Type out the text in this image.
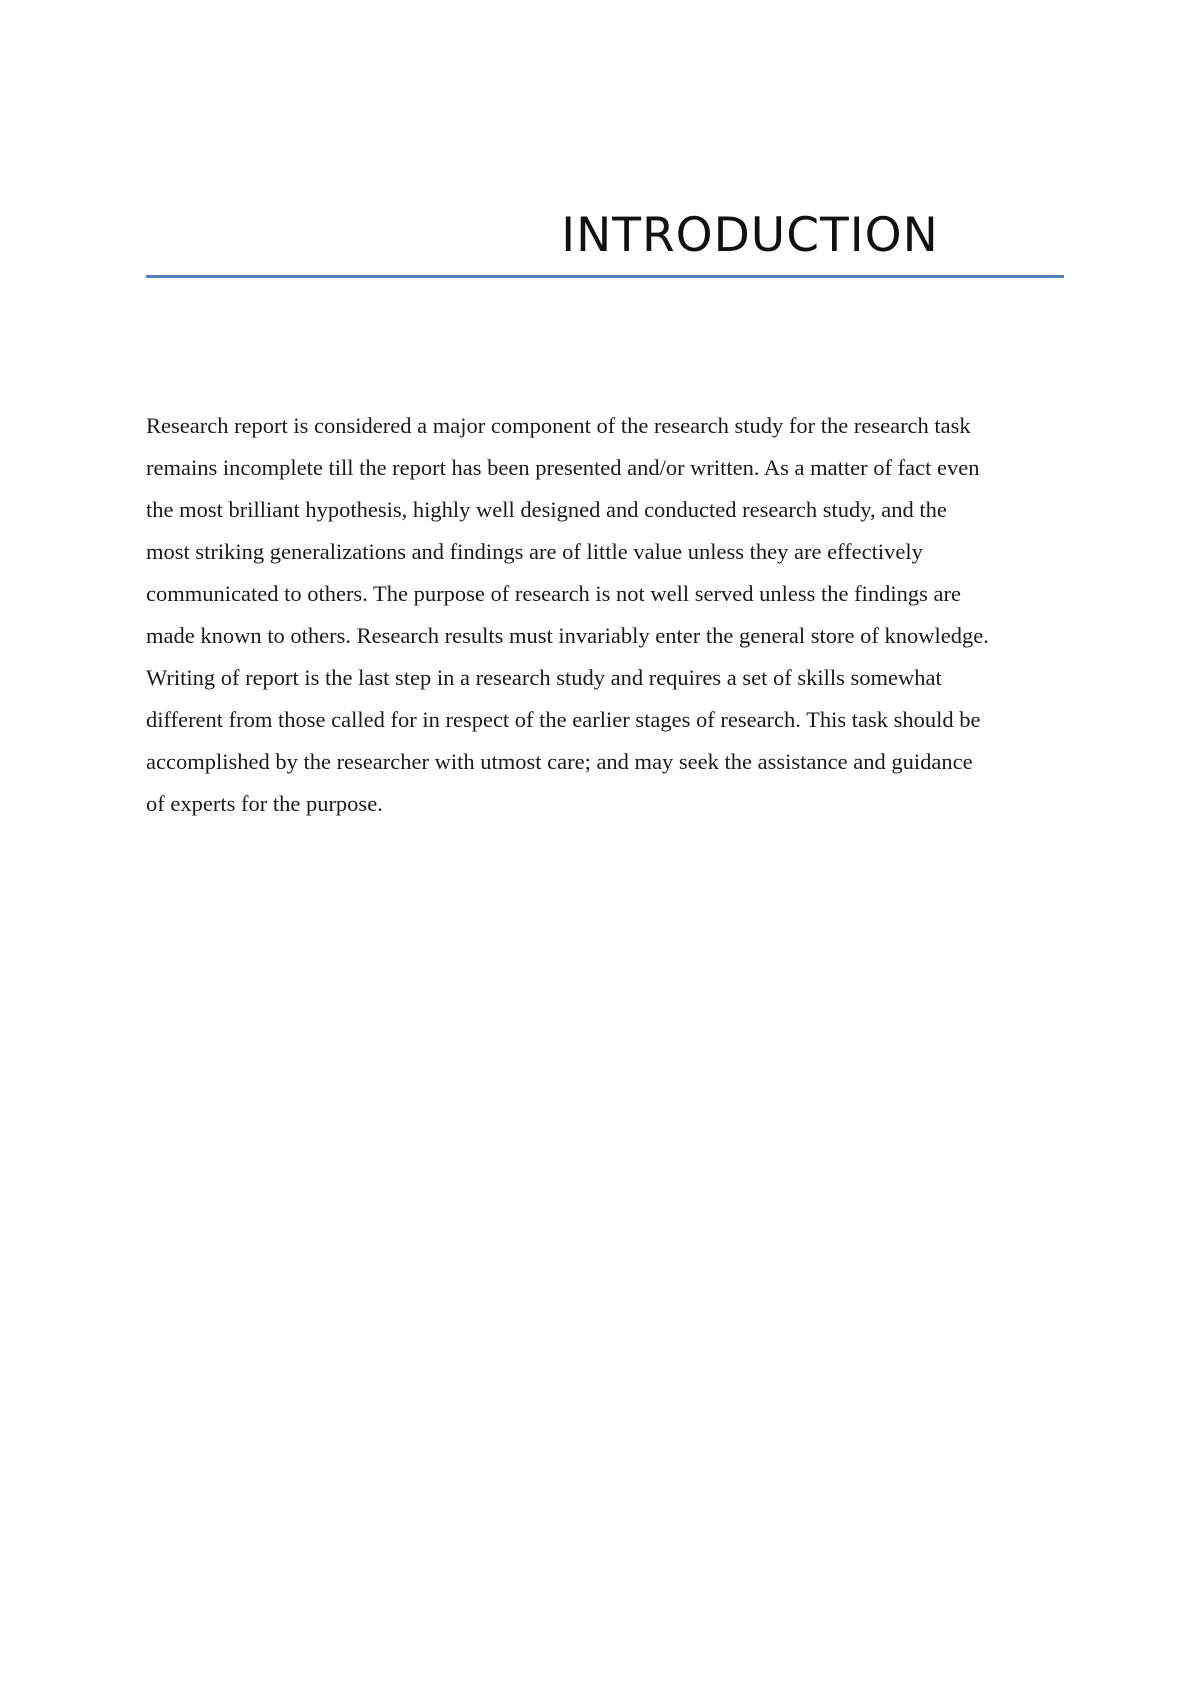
INTRODUCTION

Research report is considered a major component of the research study for the research task
remains incomplete till the report has been presented and/or written. As a matter of fact even
the most brilliant hypothesis, highly well designed and conducted research study, and the
most striking generalizations and findings are of little value unless they are effectively
communicated to others. The purpose of research is not well served unless the findings are
made known to others. Research results must invariably enter the general store of knowledge.
Writing of report is the last step in a research study and requires a set of skills somewhat
different from those called for in respect of the earlier stages of research. This task should be
accomplished by the researcher with utmost care; and may seek the assistance and guidance
of experts for the purpose.
